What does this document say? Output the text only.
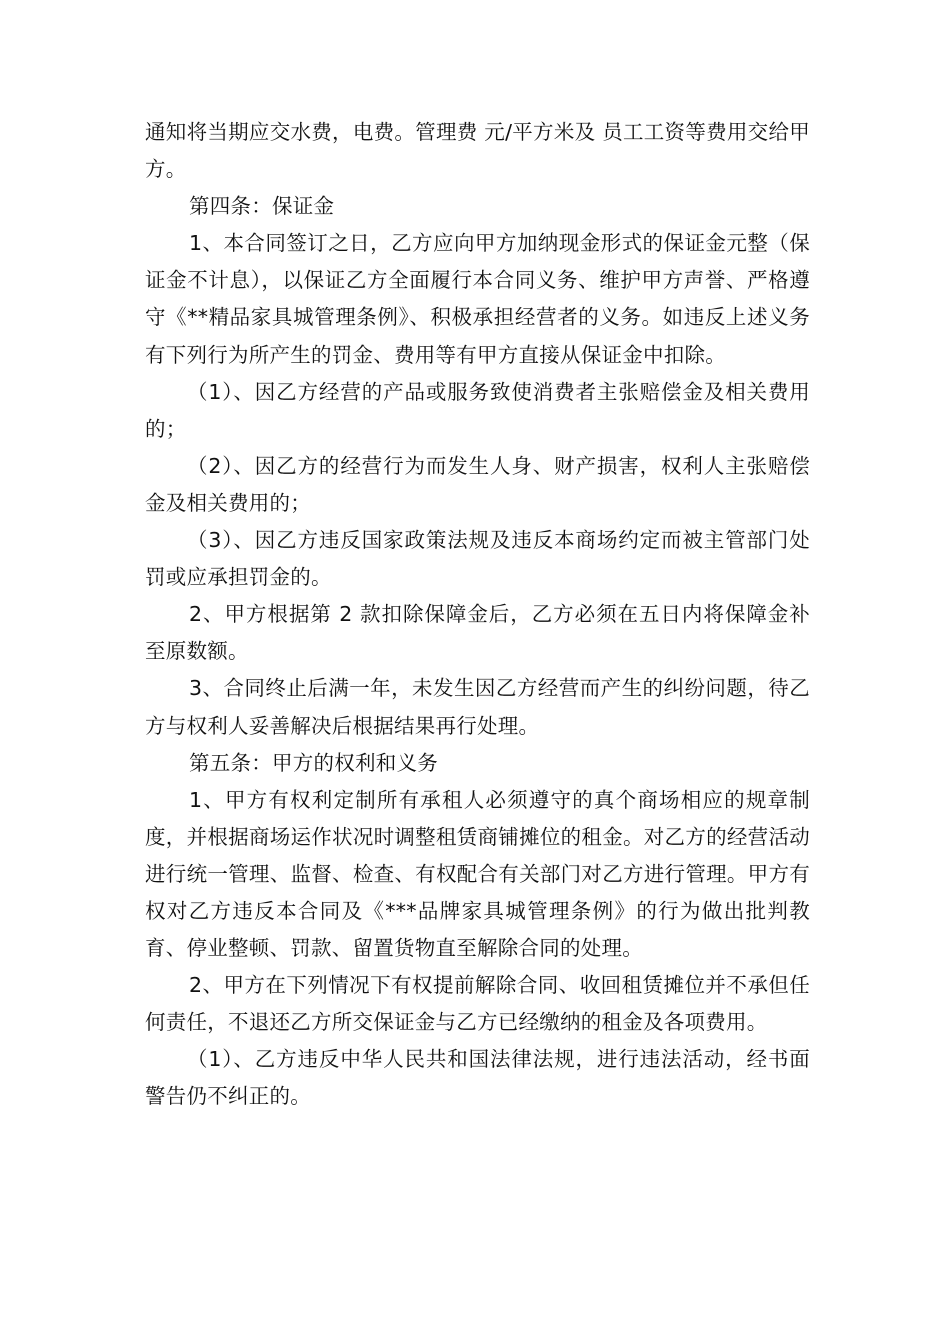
通知将当期应交水费，电费。管理费 元/平方米及 员工工资等费用交给甲方。

第四条：保证金

1、本合同签订之日，乙方应向甲方加纳现金形式的保证金元整（保证金不计息），以保证乙方全面履行本合同义务、维护甲方声誉、严格遵守《**精品家具城管理条例》、积极承担经营者的义务。如违反上述义务有下列行为所产生的罚金、费用等有甲方直接从保证金中扣除。

（1）、因乙方经营的产品或服务致使消费者主张赔偿金及相关费用的；

（2）、因乙方的经营行为而发生人身、财产损害，权利人主张赔偿金及相关费用的；

（3）、因乙方违反国家政策法规及违反本商场约定而被主管部门处罚或应承担罚金的。

2、甲方根据第 2 款扣除保障金后，乙方必须在五日内将保障金补至原数额。

3、合同终止后满一年，未发生因乙方经营而产生的纠纷问题，待乙方与权利人妥善解决后根据结果再行处理。

第五条：甲方的权利和义务

1、甲方有权利定制所有承租人必须遵守的真个商场相应的规章制度，并根据商场运作状况时调整租赁商铺摊位的租金。对乙方的经营活动进行统一管理、监督、检查、有权配合有关部门对乙方进行管理。甲方有权对乙方违反本合同及《***品牌家具城管理条例》的行为做出批判教育、停业整顿、罚款、留置货物直至解除合同的处理。

2、甲方在下列情况下有权提前解除合同、收回租赁摊位并不承但任何责任，不退还乙方所交保证金与乙方已经缴纳的租金及各项费用。

（1）、乙方违反中华人民共和国法律法规，进行违法活动，经书面警告仍不纠正的。
